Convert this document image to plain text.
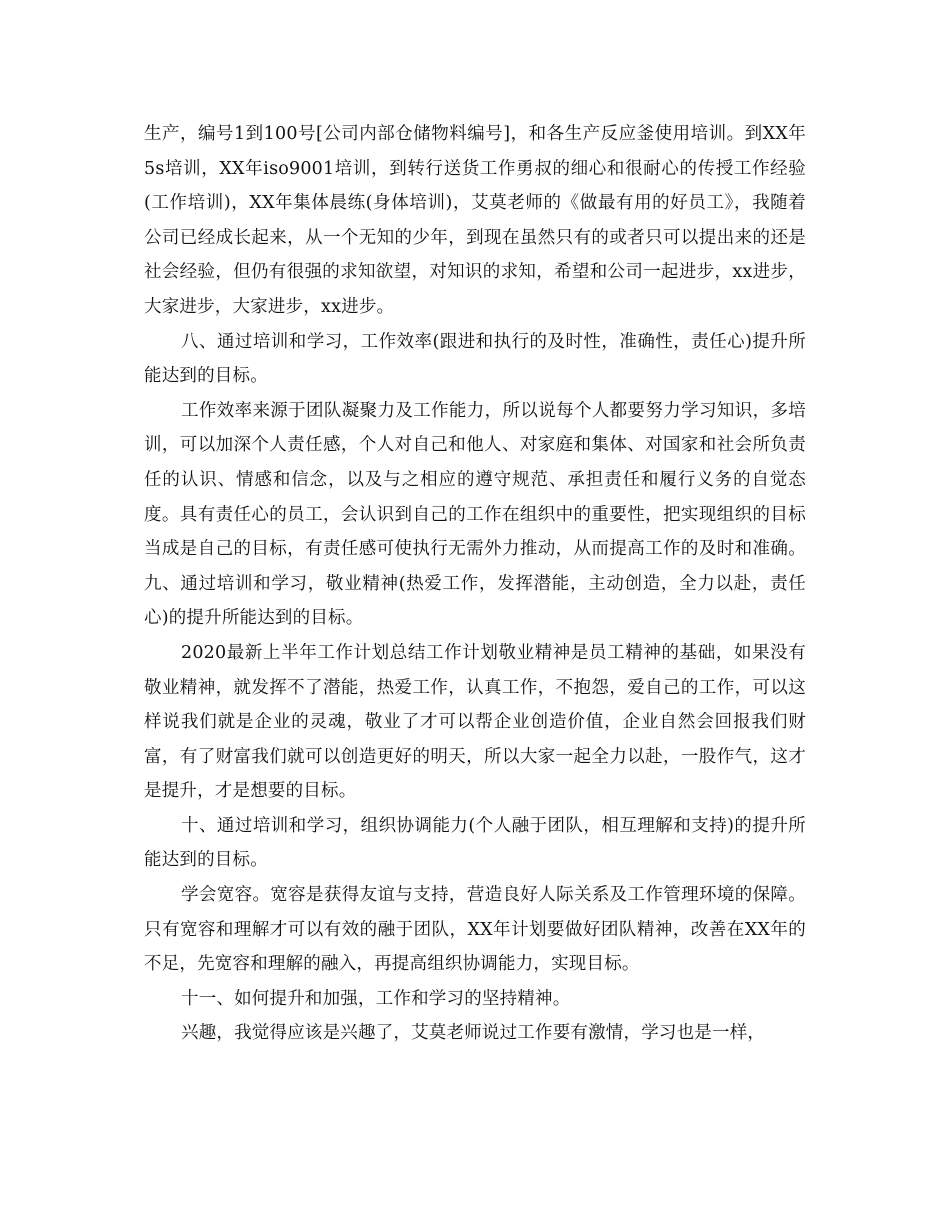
生产，编号1到100号[公司内部仓储物料编号]，和各生产反应釜使用培训。到XX年5s培训，XX年iso9001培训，到转行送货工作勇叔的细心和很耐心的传授工作经验(工作培训)，XX年集体晨练(身体培训)，艾莫老师的《做最有用的好员工》，我随着公司已经成长起来，从一个无知的少年，到现在虽然只有的或者只可以提出来的还是社会经验，但仍有很强的求知欲望，对知识的求知，希望和公司一起进步，xx进步，大家进步，大家进步，xx进步。

八、通过培训和学习，工作效率(跟进和执行的及时性，准确性，责任心)提升所能达到的目标。

工作效率来源于团队凝聚力及工作能力，所以说每个人都要努力学习知识，多培训，可以加深个人责任感，个人对自己和他人、对家庭和集体、对国家和社会所负责任的认识、情感和信念，以及与之相应的遵守规范、承担责任和履行义务的自觉态度。具有责任心的员工，会认识到自己的工作在组织中的重要性，把实现组织的目标当成是自己的目标，有责任感可使执行无需外力推动，从而提高工作的及时和准确。九、通过培训和学习，敬业精神(热爱工作，发挥潜能，主动创造，全力以赴，责任心)的提升所能达到的目标。

2020最新上半年工作计划总结工作计划敬业精神是员工精神的基础，如果没有敬业精神，就发挥不了潜能，热爱工作，认真工作，不抱怨，爱自己的工作，可以这样说我们就是企业的灵魂，敬业了才可以帮企业创造价值，企业自然会回报我们财富，有了财富我们就可以创造更好的明天，所以大家一起全力以赴，一股作气，这才是提升，才是想要的目标。

十、通过培训和学习，组织协调能力(个人融于团队，相互理解和支持)的提升所能达到的目标。

学会宽容。宽容是获得友谊与支持，营造良好人际关系及工作管理环境的保障。只有宽容和理解才可以有效的融于团队，XX年计划要做好团队精神，改善在XX年的不足，先宽容和理解的融入，再提高组织协调能力，实现目标。

十一、如何提升和加强，工作和学习的坚持精神。

兴趣，我觉得应该是兴趣了，艾莫老师说过工作要有激情，学习也是一样，
